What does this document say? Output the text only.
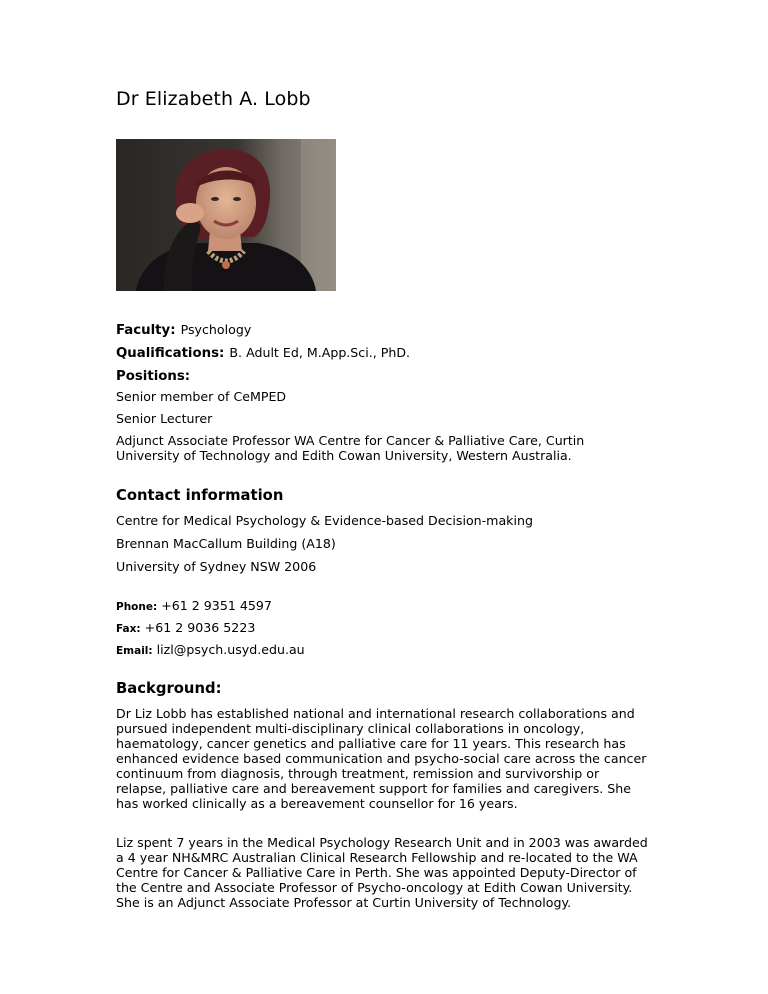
Dr Elizabeth A. Lobb

Faculty: Psychology

Qualifications: B. Adult Ed, M.App.Sci., PhD.

Positions:

Senior member of CeMPED

Senior Lecturer

Adjunct Associate Professor WA Centre for Cancer & Palliative Care, Curtin University of Technology and Edith Cowan University, Western Australia.

Contact information

Centre for Medical Psychology & Evidence-based Decision-making

Brennan MacCallum Building (A18)

University of Sydney NSW 2006

Phone: +61 2 9351 4597

Fax: +61 2 9036 5223

Email: lizl@psych.usyd.edu.au

Background:

Dr Liz Lobb has established national and international research collaborations and pursued independent multi-disciplinary clinical collaborations in oncology, haematology, cancer genetics and palliative care for 11 years. This research has enhanced evidence based communication and psycho-social care across the cancer continuum from diagnosis, through treatment, remission and survivorship or relapse, palliative care and bereavement support for families and caregivers. She has worked clinically as a bereavement counsellor for 16 years.

Liz spent 7 years in the Medical Psychology Research Unit and in 2003 was awarded a 4 year NH&MRC Australian Clinical Research Fellowship and re-located to the WA Centre for Cancer & Palliative Care in Perth. She was appointed Deputy-Director of the Centre and Associate Professor of Psycho-oncology at Edith Cowan University. She is an Adjunct Associate Professor at Curtin University of Technology.
